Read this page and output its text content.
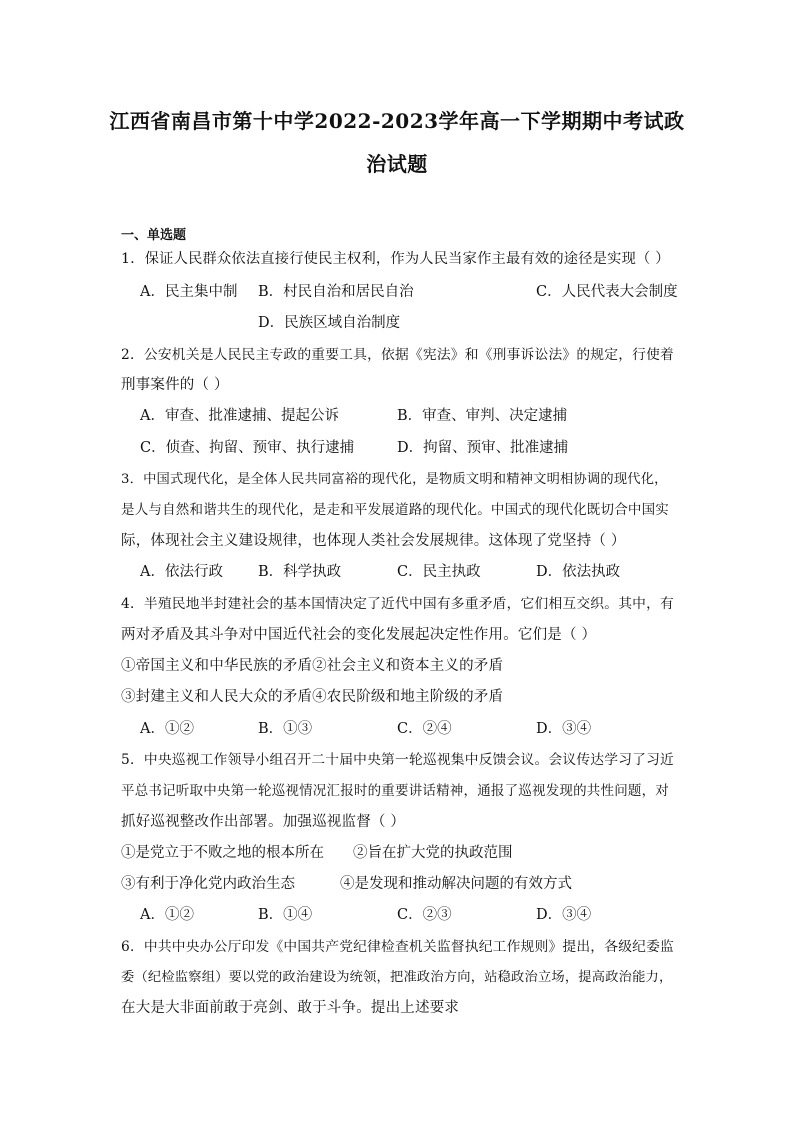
江西省南昌市第十中学2022-2023学年高一下学期期中考试政
治试题
一、单选题
1．保证人民群众依法直接行使民主权利，作为人民当家作主最有效的途径是实现（ ）
A．民主集中制 B．村民自治和居民自治	C．人民代表大会制度
D．民族区域自治制度
2．公安机关是人民民主专政的重要工具，依据《宪法》和《刑事诉讼法》的规定，行使着
刑事案件的（ ）
A．审查、批准逮捕、提起公诉	B．审查、审判、决定逮捕
C．侦查、拘留、预审、执行逮捕	D．拘留、预审、批准逮捕
3．中国式现代化，是全体人民共同富裕的现代化，是物质文明和精神文明相协调的现代化，
是人与自然和谐共生的现代化，是走和平发展道路的现代化。中国式的现代化既切合中国实
际，体现社会主义建设规律，也体现人类社会发展规律。这体现了党坚持（ ）
A．依法行政 B．科学执政	C．民主执政	D．依法执政
4．半殖民地半封建社会的基本国情决定了近代中国有多重矛盾，它们相互交织。其中，有
两对矛盾及其斗争对中国近代社会的变化发展起决定性作用。它们是（ ）
①帝国主义和中华民族的矛盾②社会主义和资本主义的矛盾
③封建主义和人民大众的矛盾④农民阶级和地主阶级的矛盾
A．①②	B．①③	C．②④	D．③④
5．中央巡视工作领导小组召开二十届中央第一轮巡视集中反馈会议。会议传达学习了习近
平总书记听取中央第一轮巡视情况汇报时的重要讲话精神，通报了巡视发现的共性问题，对
抓好巡视整改作出部署。加强巡视监督（ ）
①是党立于不败之地的根本所在 ②旨在扩大党的执政范围
③有利于净化党内政治生态	④是发现和推动解决问题的有效方式
A．①②	B．①④	C．②③	D．③④
6．中共中央办公厅印发《中国共产党纪律检查机关监督执纪工作规则》提出，各级纪委监
委（纪检监察组）要以党的政治建设为统领，把准政治方向，站稳政治立场，提高政治能力，
在大是大非面前敢于亮剑、敢于斗争。提出上述要求
